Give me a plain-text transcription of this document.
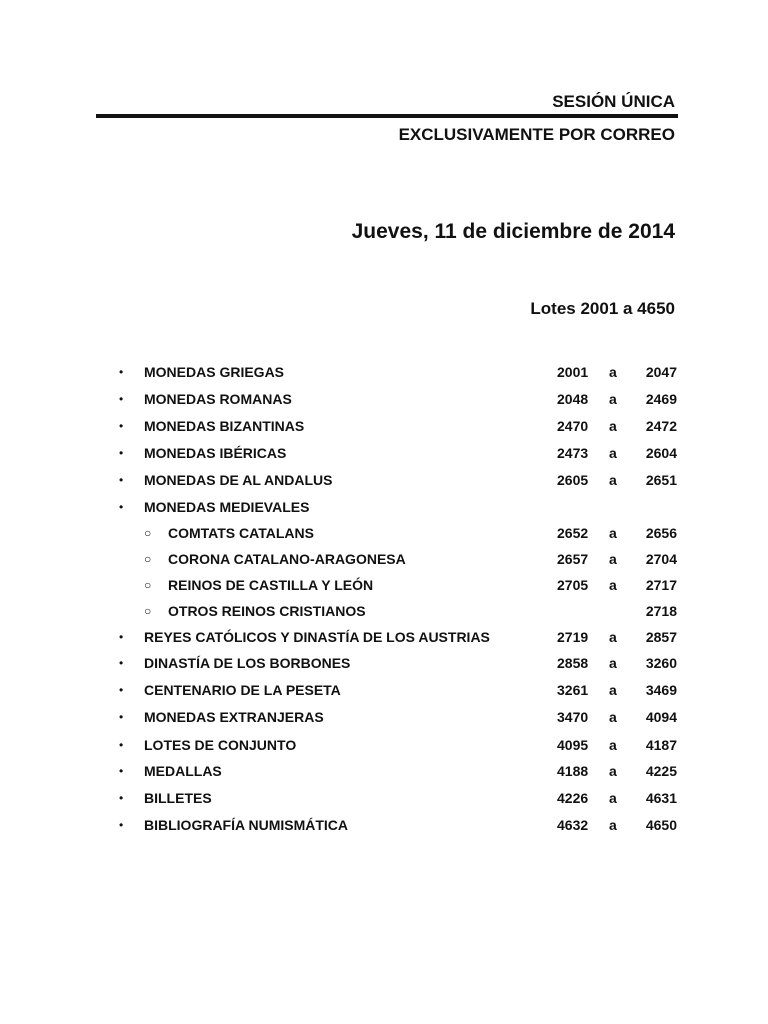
SESIÓN ÚNICA
EXCLUSIVAMENTE POR CORREO
Jueves, 11 de diciembre de 2014
Lotes 2001 a 4650
• MONEDAS GRIEGAS	2001 a 2047
• MONEDAS ROMANAS	2048 a 2469
• MONEDAS BIZANTINAS	2470 a 2472
• MONEDAS IBÉRICAS	2473 a 2604
• MONEDAS DE AL ANDALUS	2605 a 2651
• MONEDAS MEDIEVALES
○ COMTATS CATALANS	2652 a 2656
○ CORONA CATALANO-ARAGONESA	2657 a 2704
○ REINOS DE CASTILLA Y LEÓN	2705 a 2717
○ OTROS REINOS CRISTIANOS	2718
• REYES CATÓLICOS Y DINASTÍA DE LOS AUSTRIAS	2719 a 2857
• DINASTÍA DE LOS BORBONES	2858 a 3260
• CENTENARIO DE LA PESETA	3261 a 3469
• MONEDAS EXTRANJERAS	3470 a 4094
• LOTES DE CONJUNTO	4095 a 4187
• MEDALLAS	4188 a 4225
• BILLETES	4226 a 4631
• BIBLIOGRAFÍA NUMISMÁTICA	4632 a 4650
